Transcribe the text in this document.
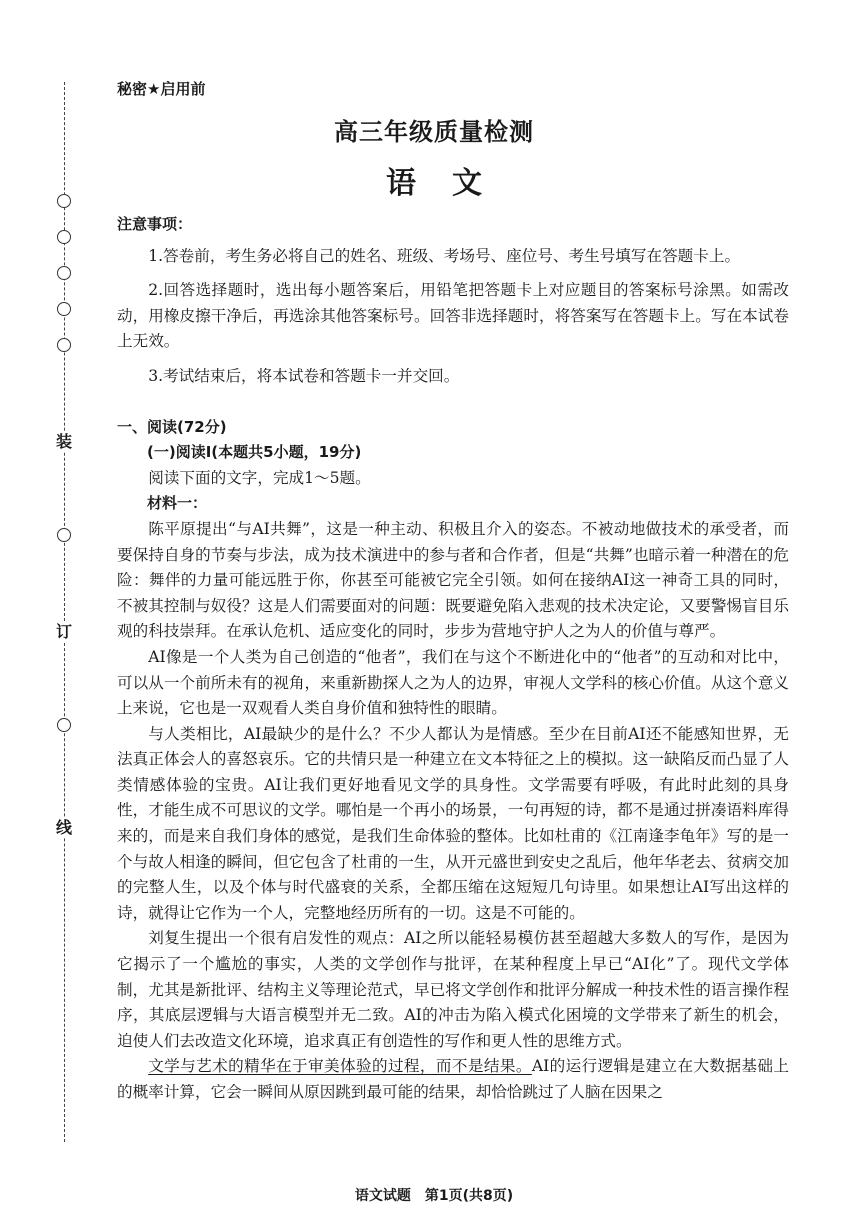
装
订
线
秘密★启用前
高三年级质量检测
语文

注意事项：

1.答卷前，考生务必将自己的姓名、班级、考场号、座位号、考生号填写在答题卡上。

2.回答选择题时，选出每小题答案后，用铅笔把答题卡上对应题目的答案标号涂黑。如需改动，用橡皮擦干净后，再选涂其他答案标号。回答非选择题时，将答案写在答题卡上。写在本试卷上无效。

3.考试结束后，将本试卷和答题卡一并交回。

一、阅读(72分)

(一)阅读Ⅰ(本题共5小题，19分)

阅读下面的文字，完成1～5题。

材料一：

陈平原提出“与AI共舞”，这是一种主动、积极且介入的姿态。不被动地做技术的承受者，而要保持自身的节奏与步法，成为技术演进中的参与者和合作者，但是“共舞”也暗示着一种潜在的危险：舞伴的力量可能远胜于你，你甚至可能被它完全引领。如何在接纳AI这一神奇工具的同时，不被其控制与奴役？这是人们需要面对的问题：既要避免陷入悲观的技术决定论，又要警惕盲目乐观的科技崇拜。在承认危机、适应变化的同时，步步为营地守护人之为人的价值与尊严。

AI像是一个人类为自己创造的“他者”，我们在与这个不断进化中的“他者”的互动和对比中，可以从一个前所未有的视角，来重新勘探人之为人的边界，审视人文学科的核心价值。从这个意义上来说，它也是一双观看人类自身价值和独特性的眼睛。

与人类相比，AI最缺少的是什么？不少人都认为是情感。至少在目前AI还不能感知世界，无法真正体会人的喜怒哀乐。它的共情只是一种建立在文本特征之上的模拟。这一缺陷反而凸显了人类情感体验的宝贵。AI让我们更好地看见文学的具身性。文学需要有呼吸，有此时此刻的具身性，才能生成不可思议的文学。哪怕是一个再小的场景，一句再短的诗，都不是通过拼凑语料库得来的，而是来自我们身体的感觉，是我们生命体验的整体。比如杜甫的《江南逢李龟年》写的是一个与故人相逢的瞬间，但它包含了杜甫的一生，从开元盛世到安史之乱后，他年华老去、贫病交加的完整人生，以及个体与时代盛衰的关系，全都压缩在这短短几句诗里。如果想让AI写出这样的诗，就得让它作为一个人，完整地经历所有的一切。这是不可能的。

刘复生提出一个很有启发性的观点：AI之所以能轻易模仿甚至超越大多数人的写作，是因为它揭示了一个尴尬的事实，人类的文学创作与批评，在某种程度上早已“AI化”了。现代文学体制，尤其是新批评、结构主义等理论范式，早已将文学创作和批评分解成一种技术性的语言操作程序，其底层逻辑与大语言模型并无二致。AI的冲击为陷入模式化困境的文学带来了新生的机会，迫使人们去改造文化环境，追求真正有创造性的写作和更人性的思维方式。

文学与艺术的精华在于审美体验的过程，而不是结果。AI的运行逻辑是建立在大数据基础上的概率计算，它会一瞬间从原因跳到最可能的结果，却恰恰跳过了人脑在因果之

语文试题　第1页(共8页)
